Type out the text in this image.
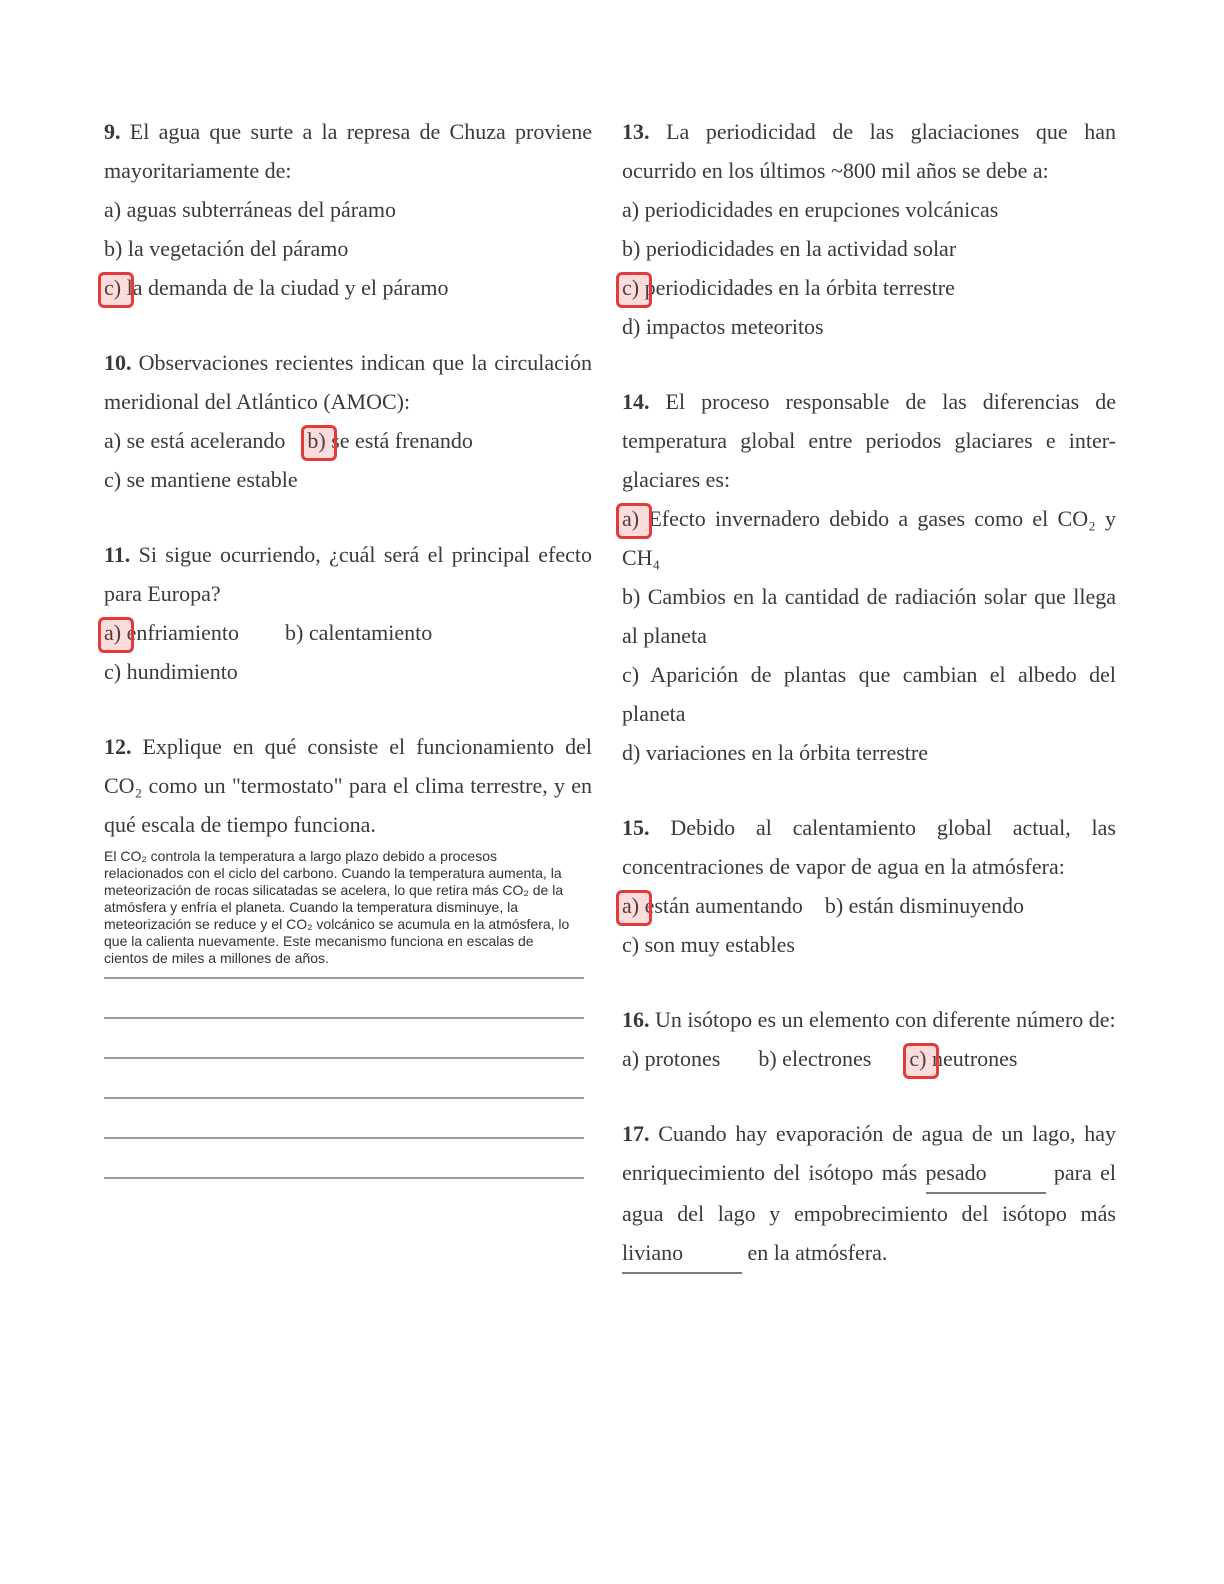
9. El agua que surte a la represa de Chuza proviene mayoritariamente de:

a) aguas subterráneas del páramo

b) la vegetación del páramo

c) la demanda de la ciudad y el páramo

10. Observaciones recientes indican que la circulación meridional del Atlántico (AMOC):

a) se está acelerando b) se está frenando

c) se mantiene estable

11. Si sigue ocurriendo, ¿cuál será el principal efecto para Europa?

a) enfriamiento b) calentamiento

c) hundimiento

12. Explique en qué consiste el funcionamiento del CO₂ como un "termostato" para el clima terrestre, y en qué escala de tiempo funciona.

El CO₂ controla la temperatura a largo plazo debido a procesos relacionados con el ciclo del carbono. Cuando la temperatura aumenta, la meteorización de rocas silicatadas se acelera, lo que retira más CO₂ de la atmósfera y enfría el planeta. Cuando la temperatura disminuye, la meteorización se reduce y el CO₂ volcánico se acumula en la atmósfera, lo que la calienta nuevamente. Este mecanismo funciona en escalas de cientos de miles a millones de años.

13. La periodicidad de las glaciaciones que han ocurrido en los últimos ~800 mil años se debe a:

a) periodicidades en erupciones volcánicas

b) periodicidades en la actividad solar

c) periodicidades en la órbita terrestre

d) impactos meteoritos

14. El proceso responsable de las diferencias de temperatura global entre periodos glaciares e inter-glaciares es:

a) Efecto invernadero debido a gases como el CO₂ y CH₄

b) Cambios en la cantidad de radiación solar que llega al planeta

c) Aparición de plantas que cambian el albedo del planeta

d) variaciones en la órbita terrestre

15. Debido al calentamiento global actual, las concentraciones de vapor de agua en la atmósfera:

a) están aumentando b) están disminuyendo

c) son muy estables

16. Un isótopo es un elemento con diferente número de:

a) protones b) electrones c) neutrones

17. Cuando hay evaporación de agua de un lago, hay enriquecimiento del isótopo más pesado	para el agua del lago y empobrecimiento del isótopo más liviano	en la atmósfera.
